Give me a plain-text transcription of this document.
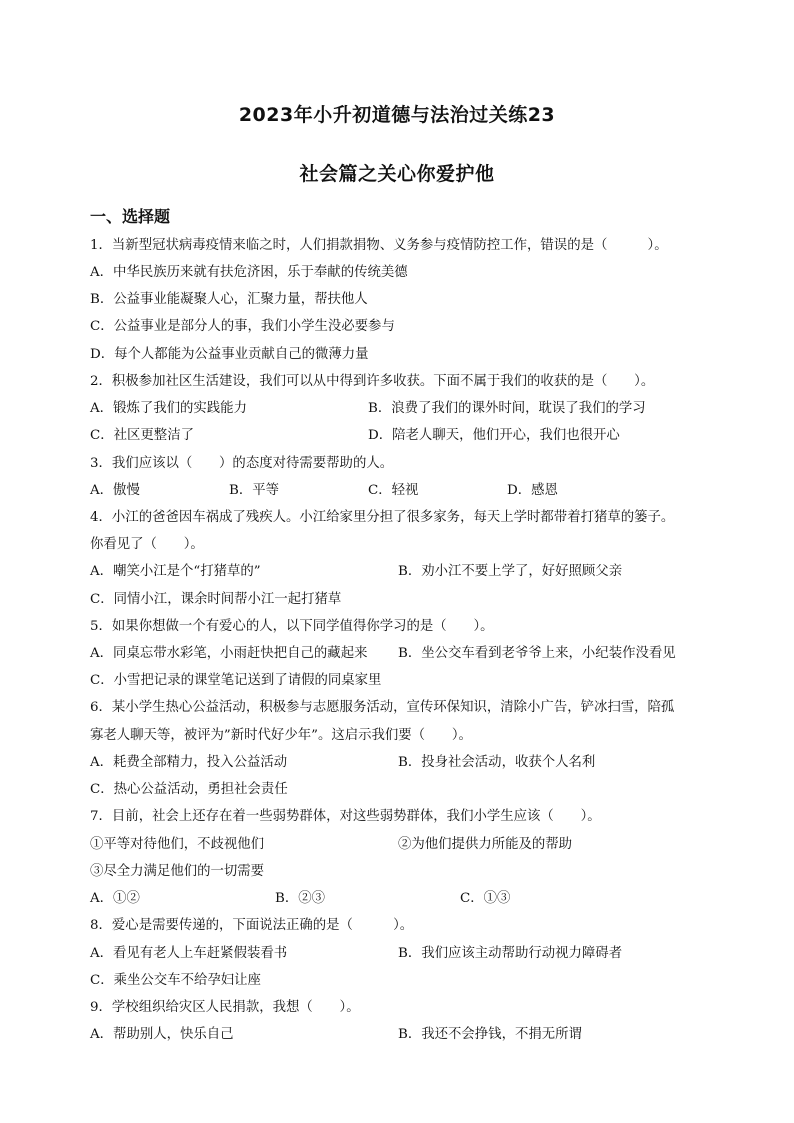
2023年小升初道德与法治过关练23
社会篇之关心你爱护他
一、选择题
1．当新型冠状病毒疫情来临之时，人们捐款捐物、义务参与疫情防控工作，错误的是（　　　）。
A．中华民族历来就有扶危济困，乐于奉献的传统美德
B．公益事业能凝聚人心，汇聚力量，帮扶他人
C．公益事业是部分人的事，我们小学生没必要参与
D．每个人都能为公益事业贡献自己的微薄力量
2．积极参加社区生活建设，我们可以从中得到许多收获。下面不属于我们的收获的是（　　）。
A．锻炼了我们的实践能力	B．浪费了我们的课外时间，耽误了我们的学习
C．社区更整洁了	D．陪老人聊天，他们开心，我们也很开心
3．我们应该以（　　）的态度对待需要帮助的人。
A．傲慢	B．平等	C．轻视	D．感恩
4．小江的爸爸因车祸成了残疾人。小江给家里分担了很多家务，每天上学时都带着打猪草的篓子。
你看见了（　　）。
A．嘲笑小江是个“打猪草的”	B．劝小江不要上学了，好好照顾父亲
C．同情小江，课余时间帮小江一起打猪草
5．如果你想做一个有爱心的人，以下同学值得你学习的是（　　）。
A．同桌忘带水彩笔，小雨赶快把自己的藏起来 B．坐公交车看到老爷爷上来，小纪装作没看见
C．小雪把记录的课堂笔记送到了请假的同桌家里
6．某小学生热心公益活动，积极参与志愿服务活动，宣传环保知识，清除小广告，铲冰扫雪，陪孤
寡老人聊天等，被评为”新时代好少年”。这启示我们要（　　）。
A．耗费全部精力，投入公益活动	B．投身社会活动，收获个人名利
C．热心公益活动，勇担社会责任
7．目前，社会上还存在着一些弱势群体，对这些弱势群体，我们小学生应该（　　）。
①平等对待他们，不歧视他们	②为他们提供力所能及的帮助
③尽全力满足他们的一切需要
A．①②	B．②③	C．①③
8．爱心是需要传递的，下面说法正确的是（　　　）。
A．看见有老人上车赶紧假装看书	B．我们应该主动帮助行动视力障碍者
C．乘坐公交车不给孕妇让座
9．学校组织给灾区人民捐款，我想（　　）。
A．帮助别人，快乐自己	B．我还不会挣钱，不捐无所谓
